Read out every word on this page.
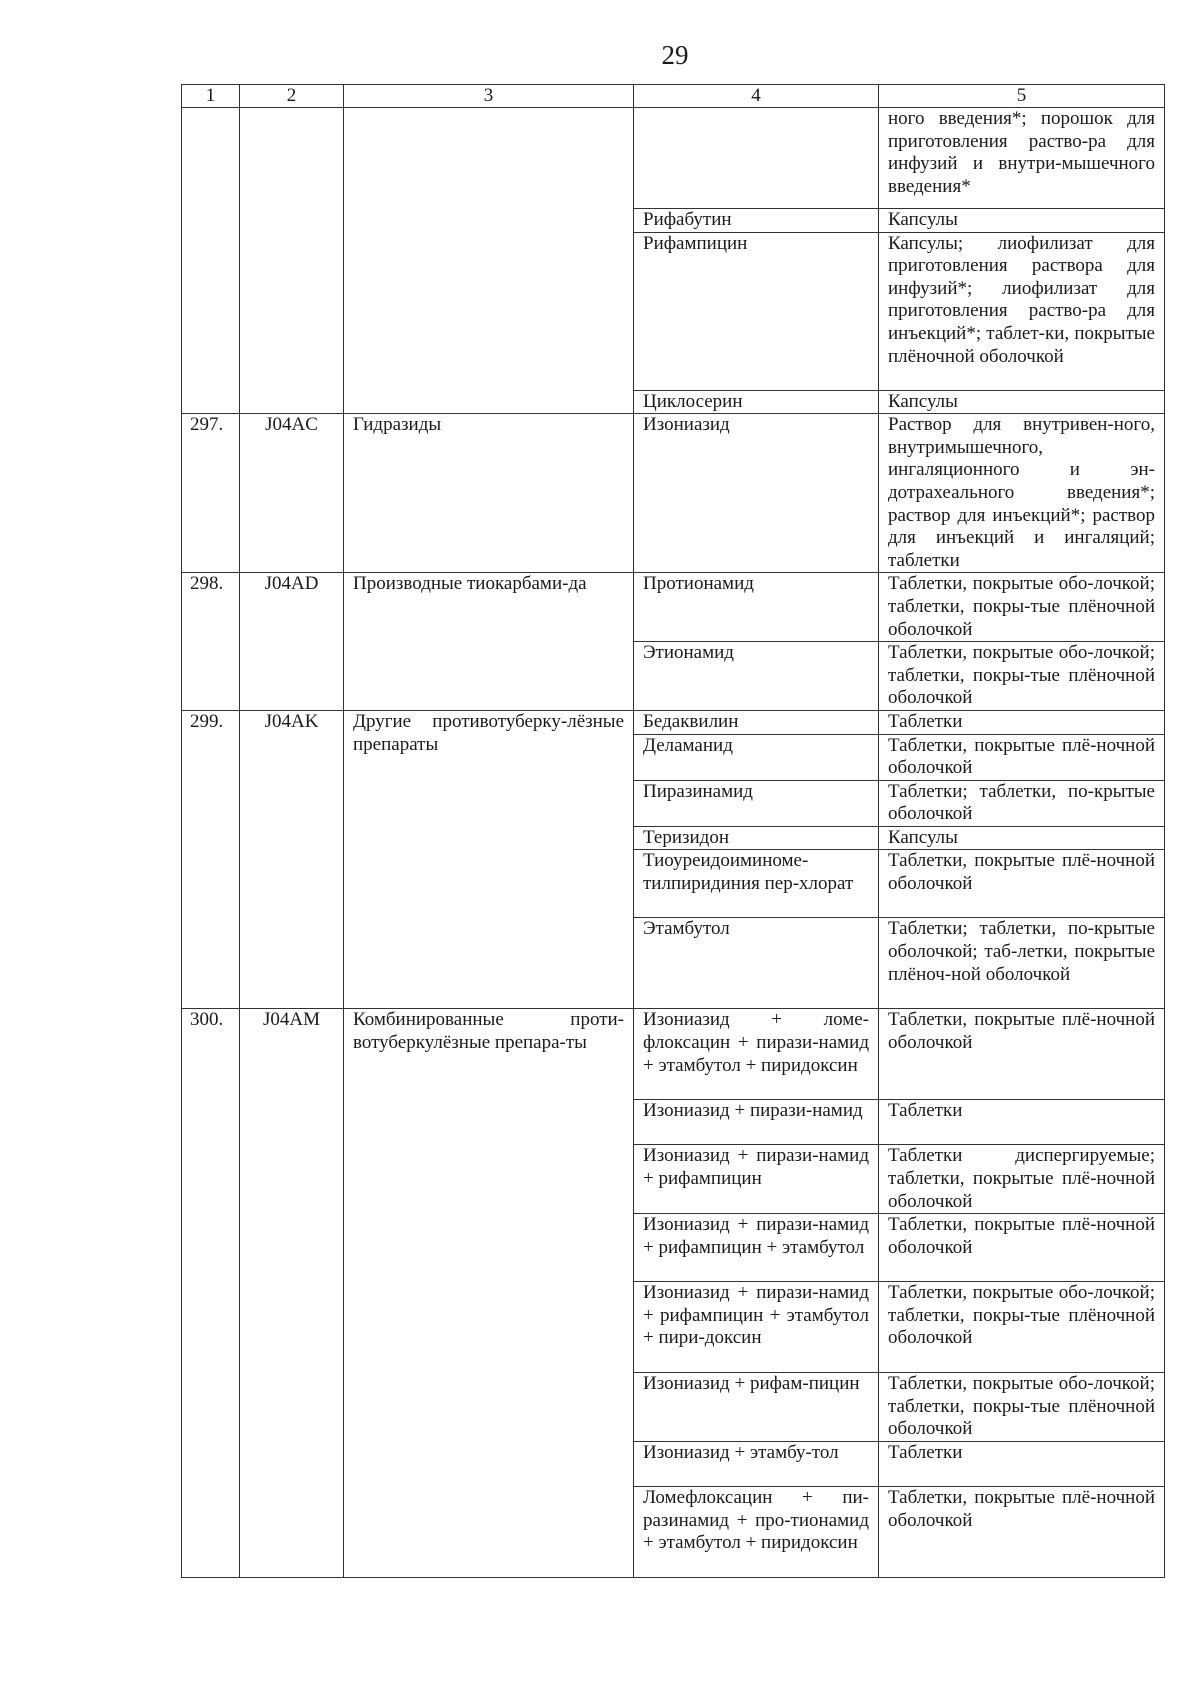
29
1	2	3	4	5
				ного введения*; порошок для приготовления раство-ра для инфузий и внутри-мышечного введения*
			Рифабутин	Капсулы
			Рифампицин	Капсулы; лиофилизат для приготовления раствора для инфузий*; лиофилизат для приготовления раство-ра для инъекций*; таблет-ки, покрытые плёночной оболочкой
			Циклосерин	Капсулы
297.	J04AC	Гидразиды	Изониазид	Раствор для внутривен-ного, внутримышечного, ингаляционного и эн-дотрахеального введения*; раствор для инъекций*; раствор для инъекций и ингаляций; таблетки
298.	J04AD	Производные тиокарбами-да	Протионамид	Таблетки, покрытые обо-лочкой; таблетки, покры-тые плёночной оболочкой
			Этионамид	Таблетки, покрытые обо-лочкой; таблетки, покры-тые плёночной оболочкой
299.	J04AK	Другие противотуберку-лёзные препараты	Бедаквилин	Таблетки
			Деламанид	Таблетки, покрытые плё-ночной оболочкой
			Пиразинамид	Таблетки; таблетки, по-крытые оболочкой
			Теризидон	Капсулы
			Тиоуреидоиминоме-тилпиридиния пер-хлорат	Таблетки, покрытые плё-ночной оболочкой
			Этамбутол	Таблетки; таблетки, по-крытые оболочкой; таб-летки, покрытые плёноч-ной оболочкой
300.	J04AM	Комбинированные проти-вотуберкулёзные препара-ты	Изониазид + ломе-флоксацин + пирази-намид + этамбутол + пиридоксин	Таблетки, покрытые плё-ночной оболочкой
			Изониазид + пирази-намид	Таблетки
			Изониазид + пирази-намид + рифампицин	Таблетки диспергируемые; таблетки, покрытые плё-ночной оболочкой
			Изониазид + пирази-намид + рифампицин + этамбутол	Таблетки, покрытые плё-ночной оболочкой
			Изониазид + пирази-намид + рифампицин + этамбутол + пири-доксин	Таблетки, покрытые обо-лочкой; таблетки, покры-тые плёночной оболочкой
			Изониазид + рифам-пицин	Таблетки, покрытые обо-лочкой; таблетки, покры-тые плёночной оболочкой
			Изониазид + этамбу-тол	Таблетки
			Ломефлоксацин + пи-разинамид + про-тионамид + этамбутол + пиридоксин	Таблетки, покрытые плё-ночной оболочкой
